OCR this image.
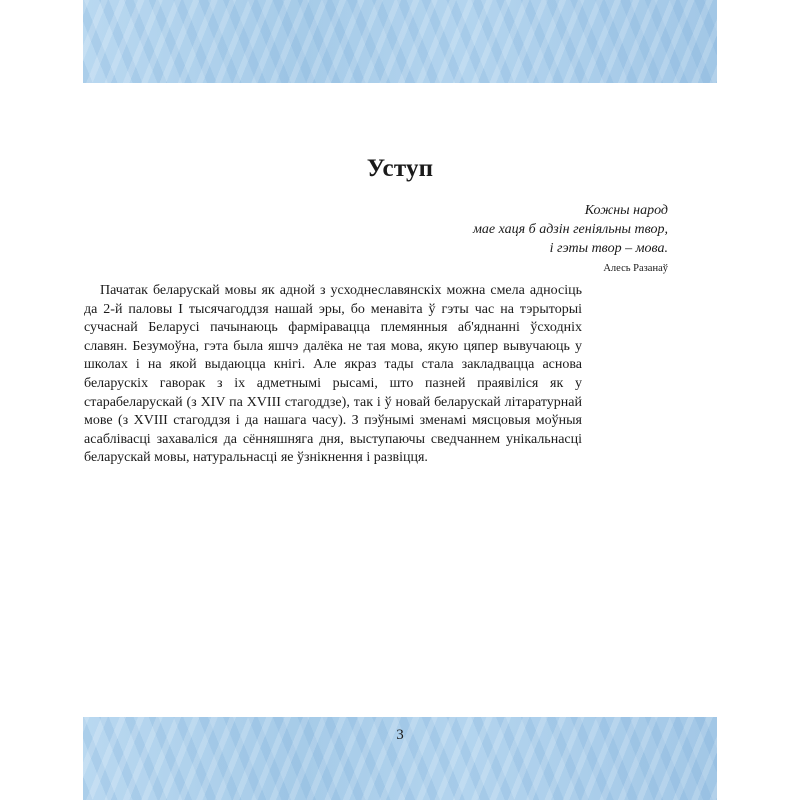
Уступ
Кожны народ
мае хаця б адзін геніяльны твор,
і гэты твор – мова.
Алесь Разанаў

Пачатак беларускай мовы як адной з усходнеславянскіх можна смела адносіць да 2-й паловы І тысячагоддзя нашай эры, бо менавіта ў гэты час на тэрыторыі сучаснай Беларусі пачынаюць фарміравацца племянныя аб'яднанні ўсходніх славян. Безумоўна, гэта была яшчэ далёка не тая мова, якую цяпер вывучаюць у школах і на якой выдаюцца кнігі. Але якраз тады стала закладвацца аснова беларускіх гаворак з іх адметнымі рысамі, што пазней праявіліся як у старабеларускай (з XIV па XVIII стагоддзе), так і ў новай беларускай літаратурнай мове (з XVIII стагоддзя і да нашага часу). З пэўнымі зменамі мясцовыя моўныя асаблівасці захаваліся да сённяшняга дня, выступаючы сведчаннем унікальнасці беларускай мовы, натуральнасці яе ўзнікнення і развіцця.

3
